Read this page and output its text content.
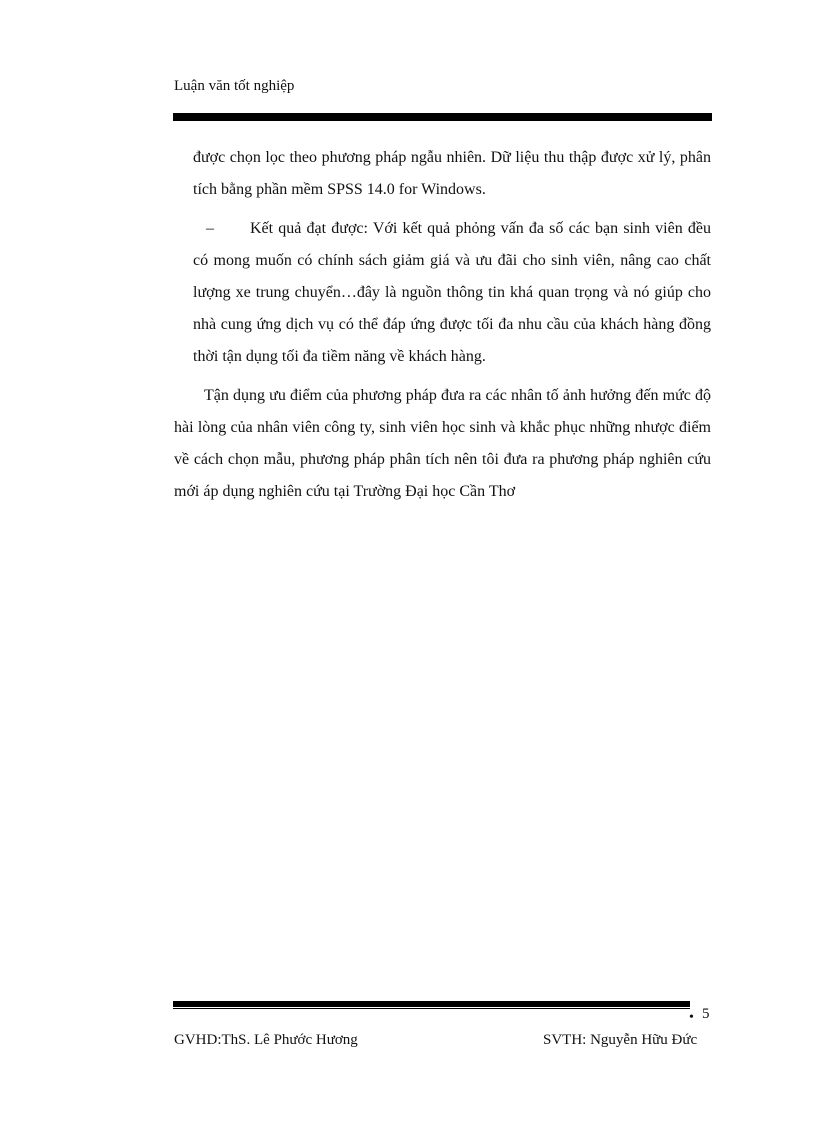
Luận văn tốt nghiệp

được chọn lọc theo phương pháp ngẫu nhiên. Dữ liệu thu thập được xử lý, phân tích bằng phần mềm SPSS 14.0 for Windows.

– Kết quả đạt được: Với kết quả phỏng vấn đa số các bạn sinh viên đều có mong muốn có chính sách giảm giá và ưu đãi cho sinh viên, nâng cao chất lượng xe trung chuyển…đây là nguồn thông tin khá quan trọng và nó giúp cho nhà cung ứng dịch vụ có thể đáp ứng được tối đa nhu cầu của khách hàng đồng thời tận dụng tối đa tiềm năng về khách hàng.

Tận dụng ưu điểm của phương pháp đưa ra các nhân tố ảnh hưởng đến mức độ hài lòng của nhân viên công ty, sinh viên học sinh và khắc phục những nhược điểm về cách chọn mẫu, phương pháp phân tích nên tôi đưa ra phương pháp nghiên cứu mới áp dụng nghiên cứu tại Trường Đại học Cần Thơ

• 5
GVHD:ThS. Lê Phước Hương	SVTH: Nguyễn Hữu Đức
